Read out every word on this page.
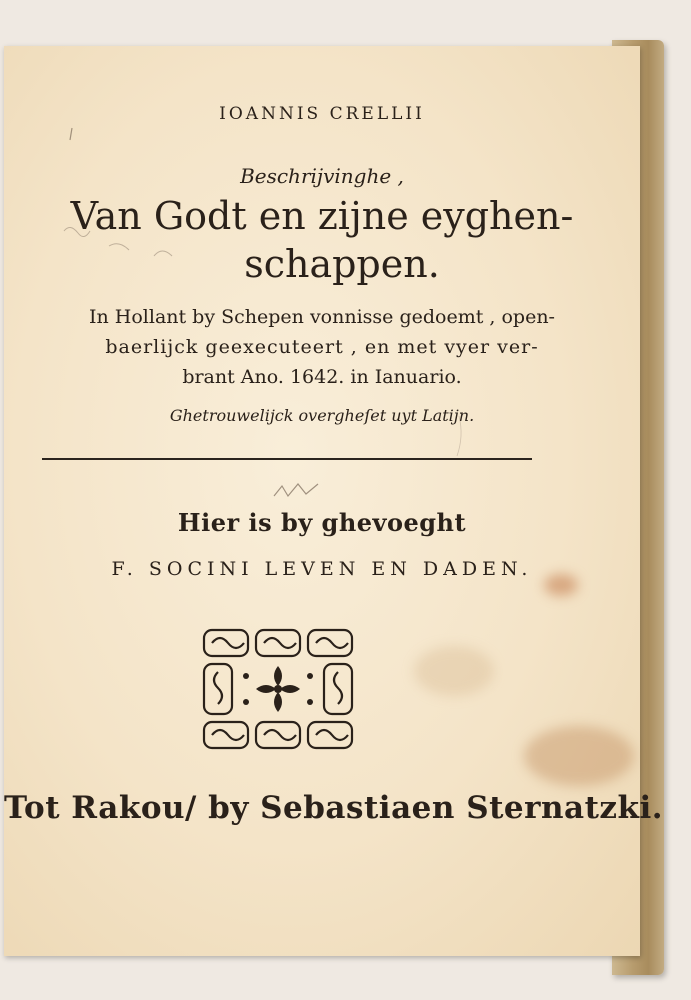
IOANNIS CRELLII
Beschrijvinghe ,
Van Godt en zijne eyghen-
schappen.
In Hollant by Schepen vonnisse gedoemt , open-
baerlijck geexecuteert , en met vyer ver-
brant Ano. 1642. in Ianuario.
Ghetrouwelijck overgheſet uyt Latijn.
Hier is by ghevoeght
F. SOCINI LEVEN EN DADEN.
Tot Rakou/ by Sebastiaen Sternatzki.
